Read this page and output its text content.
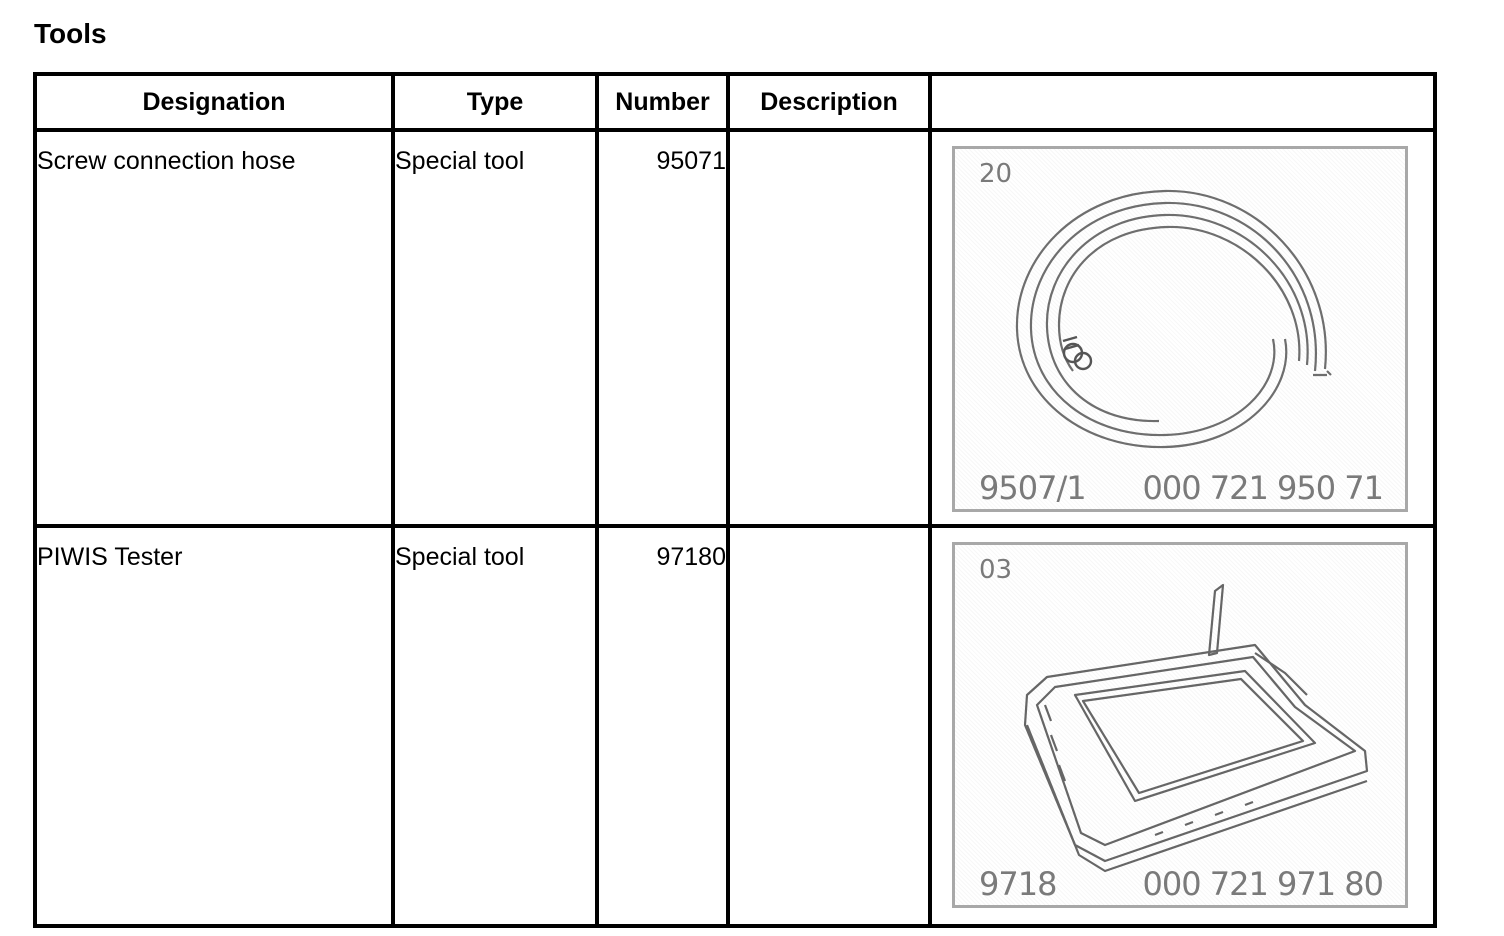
Tools
Designation	Type	Number	Description	
Screw connection hose	Special tool	95071		20
9507/1 000 721 950 71

PIWIS Tester	Special tool	97180		03
9718 000 721 971 80
